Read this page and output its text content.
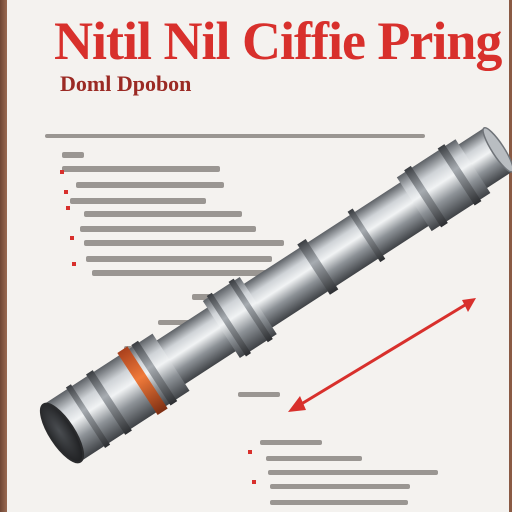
Nitil Nil Ciffie Pring
Doml Dpobon
